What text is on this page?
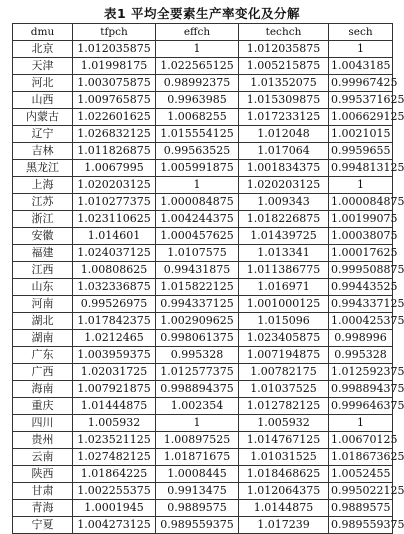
表1 平均全要素生产率变化及分解
dmu	tfpch	effch	techch	sech
北京	1.012035875	1	1.012035875	1
天津	1.01998175	1.022565125	1.005215875	1.0043185
河北	1.003075875	0.98992375	1.01352075	0.99967425
山西	1.009765875	0.9963985	1.015309875	0.995371625
内蒙古	1.022601625	1.0068255	1.017233125	1.006629125
辽宁	1.026832125	1.015554125	1.012048	1.0021015
吉林	1.011826875	0.99563525	1.017064	0.9959655
黑龙江	1.0067995	1.005991875	1.001834375	0.994813125
上海	1.020203125	1	1.020203125	1
江苏	1.010277375	1.000084875	1.009343	1.000084875
浙江	1.023110625	1.004244375	1.018226875	1.00199075
安徽	1.014601	1.000457625	1.01439725	1.00038075
福建	1.024037125	1.0107575	1.013341	1.00017625
江西	1.00808625	0.99431875	1.011386775	0.999508875
山东	1.032336875	1.015822125	1.016971	0.99443525
河南	0.99526975	0.994337125	1.001000125	0.994337125
湖北	1.017842375	1.002909625	1.015096	1.000425375
湖南	1.0212465	0.998061375	1.023405875	0.998996
广东	1.003959375	0.995328	1.007194875	0.995328
广西	1.02031725	1.012577375	1.00782175	1.012592375
海南	1.007921875	0.998894375	1.01037525	0.998894375
重庆	1.01444875	1.002354	1.012782125	0.999646375
四川	1.005932	1	1.005932	1
贵州	1.023521125	1.00897525	1.014767125	1.00670125
云南	1.027482125	1.01871675	1.01031525	1.018673625
陕西	1.01864225	1.0008445	1.018468625	1.0052455
甘肃	1.002255375	0.9913475	1.012064375	0.995022125
青海	1.0001945	0.9889575	1.0144875	0.9889575
宁夏	1.004273125	0.989559375	1.017239	0.989559375
